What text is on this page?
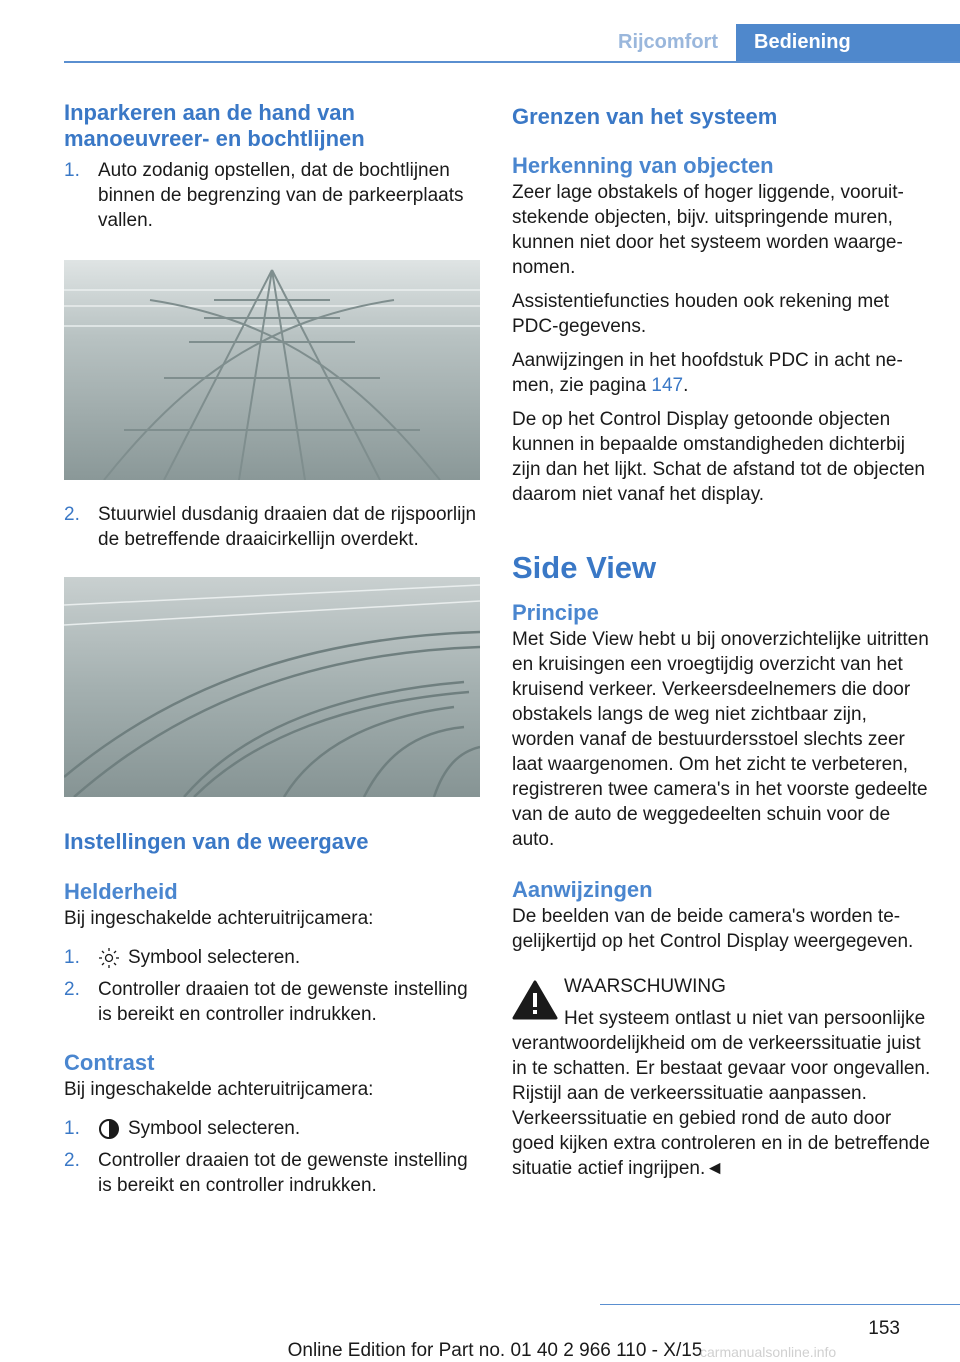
Rijcomfort	Bediening
Inparkeren aan de hand van manoeuvreer- en bochtlijnen
1. Auto zodanig opstellen, dat de bochtlijnen binnen de begrenzing van de parkeerplaats vallen.
2. Stuurwiel dusdanig draaien dat de rijspoorlijn de betreffende draaicirkellijn overdekt.
Instellingen van de weergave
Helderheid

Bij ingeschakelde achteruitrijcamera:

1.	Symbool selecteren.
2. Controller draaien tot de gewenste instelling is bereikt en controller indrukken.
Contrast

Bij ingeschakelde achteruitrijcamera:

1.	Symbool selecteren.
2. Controller draaien tot de gewenste instelling is bereikt en controller indrukken.
Grenzen van het systeem
Herkenning van objecten

Zeer lage obstakels of hoger liggende, vooruitstekende objecten, bijv. uitspringende muren, kunnen niet door het systeem worden waargenomen.

Assistentiefuncties houden ook rekening met PDC-gegevens.

Aanwijzingen in het hoofdstuk PDC in acht nemen, zie pagina 147.

De op het Control Display getoonde objecten kunnen in bepaalde omstandigheden dichterbij zijn dan het lijkt. Schat de afstand tot de objecten daarom niet vanaf het display.

Side View
Principe

Met Side View hebt u bij onoverzichtelijke uitritten en kruisingen een vroegtijdig overzicht van het kruisend verkeer. Verkeersdeelnemers die door obstakels langs de weg niet zichtbaar zijn, worden vanaf de bestuurdersstoel slechts zeer laat waargenomen. Om het zicht te verbeteren, registreren twee camera's in het voorste gedeelte van de auto de weggedeelten schuin voor de auto.

Aanwijzingen

De beelden van de beide camera's worden tegelijkertijd op het Control Display weergegeven.

WAARSCHUWING

Het systeem ontlast u niet van persoonlijke verantwoordelijkheid om de verkeerssituatie juist in te schatten. Er bestaat gevaar voor ongevallen. Rijstijl aan de verkeerssituatie aanpassen. Verkeerssituatie en gebied rond de auto door goed kijken extra controleren en in de betreffende situatie actief ingrijpen.◄

153
Online Edition for Part no. 01 40 2 966 110 - X/15
carmanualsonline.info
